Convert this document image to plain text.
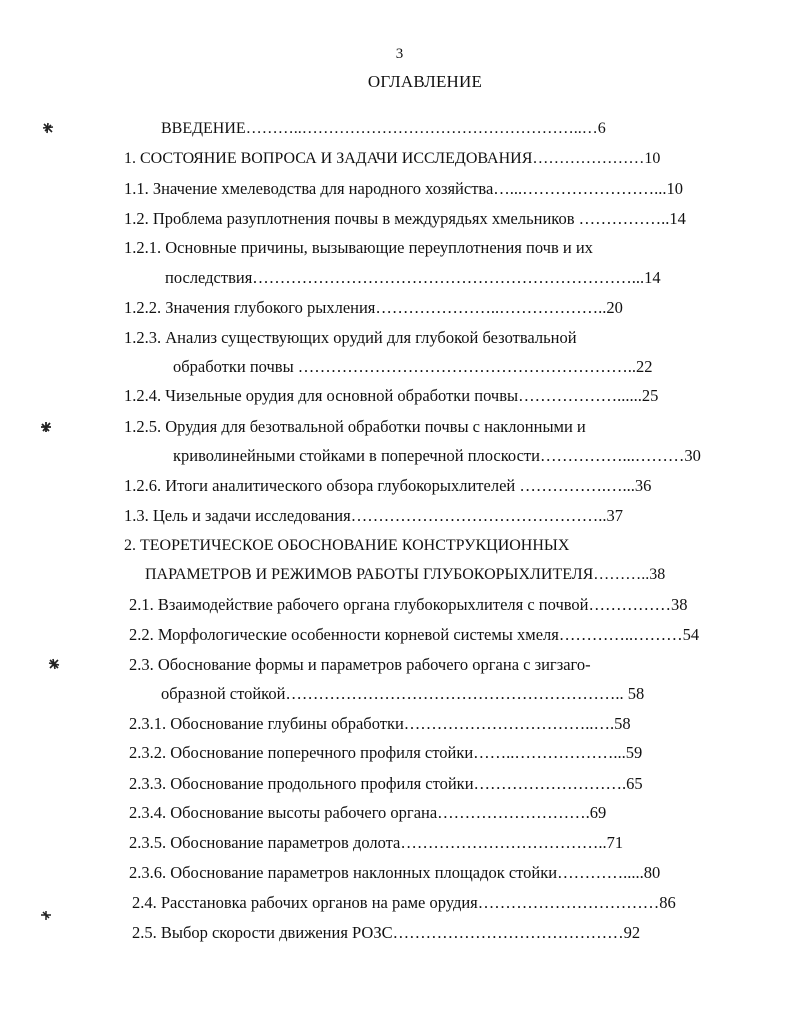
3
ОГЛАВЛЕНИЕ
ВВЕДЕНИЕ………..……………………………………………..…6
1. СОСТОЯНИЕ ВОПРОСА И ЗАДАЧИ ИССЛЕДОВАНИЯ…………………10
1.1. Значение хмелеводства для народного хозяйства…...……………………...10
1.2. Проблема разуплотнения почвы в междурядьях хмельников ……………..14
1.2.1. Основные причины, вызывающие переуплотнения почв и их
последствия……………………………………………………………...14
1.2.2. Значения глубокого рыхления…………………..………………..20
1.2.3. Анализ существующих орудий для глубокой безотвальной
обработки почвы ……………………………………………………..22
1.2.4. Чизельные орудия для основной обработки почвы………………......25
1.2.5. Орудия для безотвальной обработки почвы с наклонными и
криволинейными стойками в поперечной плоскости……………...………30
1.2.6. Итоги аналитического обзора глубокорыхлителей …………….…...36
1.3. Цель и задачи исследования………………………………………..37
2. ТЕОРЕТИЧЕСКОЕ ОБОСНОВАНИЕ КОНСТРУКЦИОННЫХ
ПАРАМЕТРОВ И РЕЖИМОВ РАБОТЫ ГЛУБОКОРЫХЛИТЕЛЯ………..38
2.1. Взаимодействие рабочего органа глубокорыхлителя с почвой……………38
2.2. Морфологические особенности корневой системы хмеля…………..………54
2.3. Обоснование формы и параметров рабочего органа с зигзаго-
образной стойкой…………………………………………………….. 58
2.3.1. Обоснование глубины обработки……………………………..….58
2.3.2. Обоснование поперечного профиля стойки……..………………...59
2.3.3. Обоснование продольного профиля стойки……………………….65
2.3.4. Обоснование высоты рабочего органа……………………….69
2.3.5. Обоснование параметров долота………………………………..71
2.3.6. Обоснование параметров наклонных площадок стойки………….....80
2.4. Расстановка рабочих органов на раме орудия……………………………86
2.5. Выбор скорости движения РОЗС……………………………………92
